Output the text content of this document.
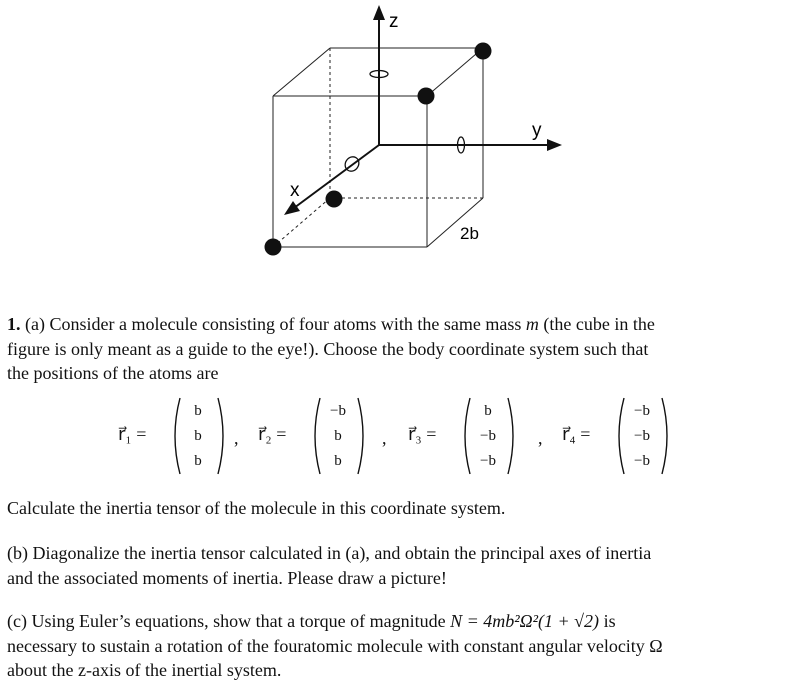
z
y
x
2b

1. (a) Consider a molecule consisting of four atoms with the same mass m (the cube in the
figure is only meant as a guide to the eye!). Choose the body coordinate system such that
the positions of the atoms are

r⃗₁ =
b
b
b
, r⃗₂ =
−b
b
b
, r⃗₃ =
b
−b
−b
, r⃗₄ =
−b
−b
−b

Calculate the inertia tensor of the molecule in this coordinate system.

(b) Diagonalize the inertia tensor calculated in (a), and obtain the principal axes of inertia
and the associated moments of inertia. Please draw a picture!

(c) Using Euler’s equations, show that a torque of magnitude N = 4mb²Ω²(1 + √2) is
necessary to sustain a rotation of the fouratomic molecule with constant angular velocity Ω
about the z-axis of the inertial system.
